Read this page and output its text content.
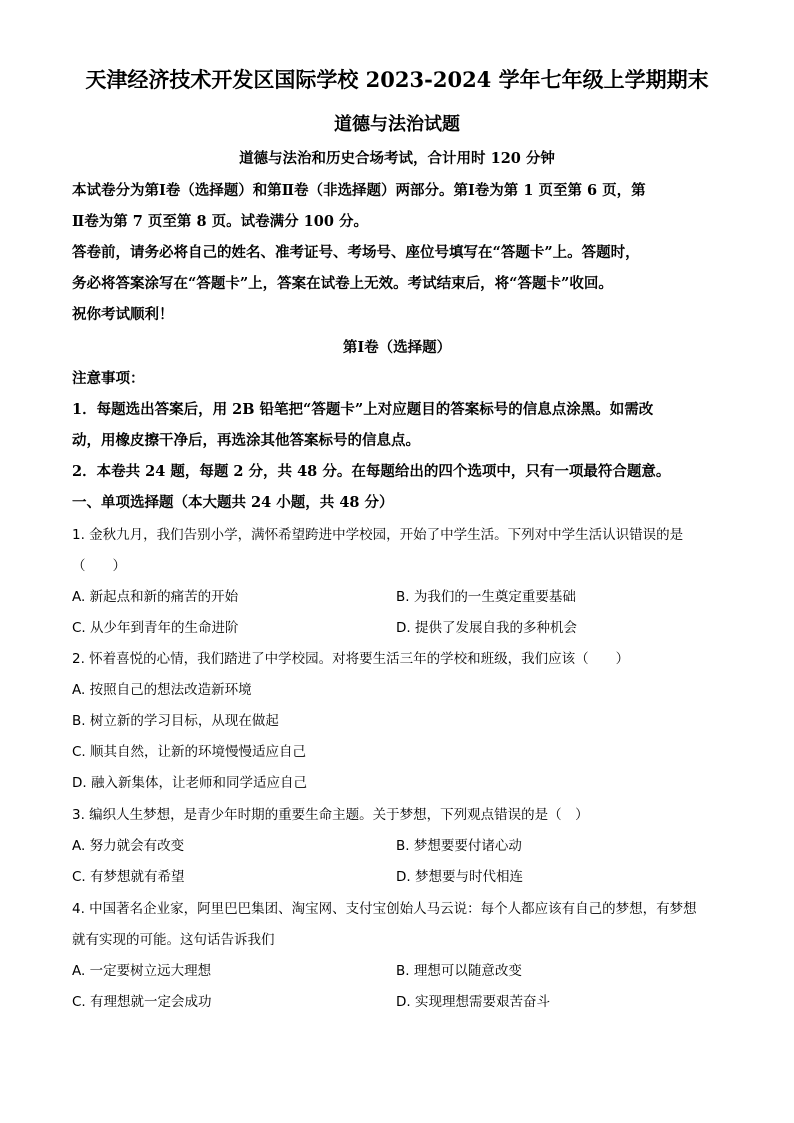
天津经济技术开发区国际学校 2023-2024 学年七年级上学期期末
道德与法治试题
道德与法治和历史合场考试，合计用时 120 分钟
本试卷分为第Ⅰ卷（选择题）和第Ⅱ卷（非选择题）两部分。第Ⅰ卷为第 1 页至第 6 页，第
Ⅱ卷为第 7 页至第 8 页。试卷满分 100 分。
答卷前，请务必将自己的姓名、准考证号、考场号、座位号填写在“答题卡”上。答题时，
务必将答案涂写在“答题卡”上，答案在试卷上无效。考试结束后，将“答题卡”收回。
祝你考试顺利！
第Ⅰ卷（选择题）
注意事项：
1．每题选出答案后，用 2B 铅笔把“答题卡”上对应题目的答案标号的信息点涂黑。如需改
动，用橡皮擦干净后，再选涂其他答案标号的信息点。
2．本卷共 24 题，每题 2 分，共 48 分。在每题给出的四个选项中，只有一项最符合题意。
一、单项选择题（本大题共 24 小题，共 48 分）
1. 金秋九月，我们告别小学，满怀希望跨进中学校园，开始了中学生活。下列对中学生活认识错误的是
（　　）
A. 新起点和新的痛苦的开始	B. 为我们的一生奠定重要基础
C. 从少年到青年的生命进阶	D. 提供了发展自我的多种机会
2. 怀着喜悦的心情，我们踏进了中学校园。对将要生活三年的学校和班级，我们应该（　　）
A. 按照自己的想法改造新环境
B. 树立新的学习目标，从现在做起
C. 顺其自然，让新的环境慢慢适应自己
D. 融入新集体，让老师和同学适应自己
3. 编织人生梦想，是青少年时期的重要生命主题。关于梦想，下列观点错误的是（　）
A. 努力就会有改变	B. 梦想要要付诸心动
C. 有梦想就有希望	D. 梦想要与时代相连
4. 中国著名企业家，阿里巴巴集团、淘宝网、支付宝创始人马云说：每个人都应该有自己的梦想，有梦想
就有实现的可能。这句话告诉我们
A. 一定要树立远大理想	B. 理想可以随意改变
C. 有理想就一定会成功	D. 实现理想需要艰苦奋斗
